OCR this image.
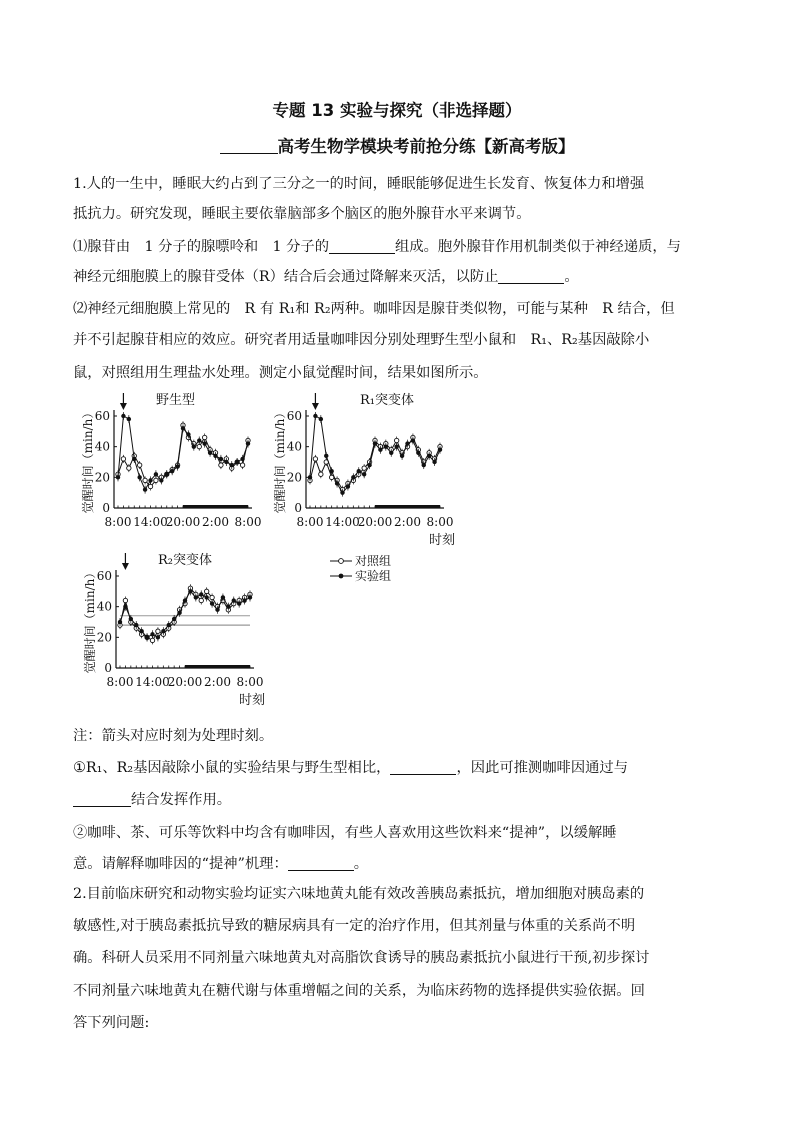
专题 13 实验与探究（非选择题）
高考生物学模块考前抢分练【新高考版】
1.人的一生中，睡眠大约占到了三分之一的时间，睡眠能够促进生长发育、恢复体力和增强
抵抗力。研究发现，睡眠主要依靠脑部多个脑区的胞外腺苷水平来调节。
⑴腺苷由　1 分子的腺嘌呤和　1 分子的	组成。胞外腺苷作用机制类似于神经递质，与
神经元细胞膜上的腺苷受体（R）结合后会通过降解来灭活，以防止	。
⑵神经元细胞膜上常见的　R 有 R₁和 R₂两种。咖啡因是腺苷类似物，可能与某种　R 结合，但
并不引起腺苷相应的效应。研究者用适量咖啡因分别处理野生型小鼠和　R₁、R₂基因敲除小
鼠，对照组用生理盐水处理。测定小鼠觉醒时间，结果如图所示。
0
20
40
60
8:00 14:00
20:00 2:00 8:00
野生型
觉醒时间（min/h）	0
20
40
60
8:00 14:00
20:00 2:00 8:00
R₁突变体
觉醒时间（min/h）
时刻
0
20
40
60
8:00 14:00
20:00 2:00 8:00
R₂突变体
觉醒时间（min/h）
时刻
对照组
实验组
注：箭头对应时刻为处理时刻。
①R₁、R₂基因敲除小鼠的实验结果与野生型相比，	，因此可推测咖啡因通过与
结合发挥作用。
②咖啡、茶、可乐等饮料中均含有咖啡因，有些人喜欢用这些饮料来“提神”，以缓解睡
意。请解释咖啡因的“提神”机理：	。
2.目前临床研究和动物实验均证实六味地黄丸能有效改善胰岛素抵抗，增加细胞对胰岛素的
敏感性,对于胰岛素抵抗导致的糖尿病具有一定的治疗作用，但其剂量与体重的关系尚不明
确。科研人员采用不同剂量六味地黄丸对高脂饮食诱导的胰岛素抵抗小鼠进行干预,初步探讨
不同剂量六味地黄丸在糖代谢与体重增幅之间的关系，为临床药物的选择提供实验依据。回
答下列问题:
